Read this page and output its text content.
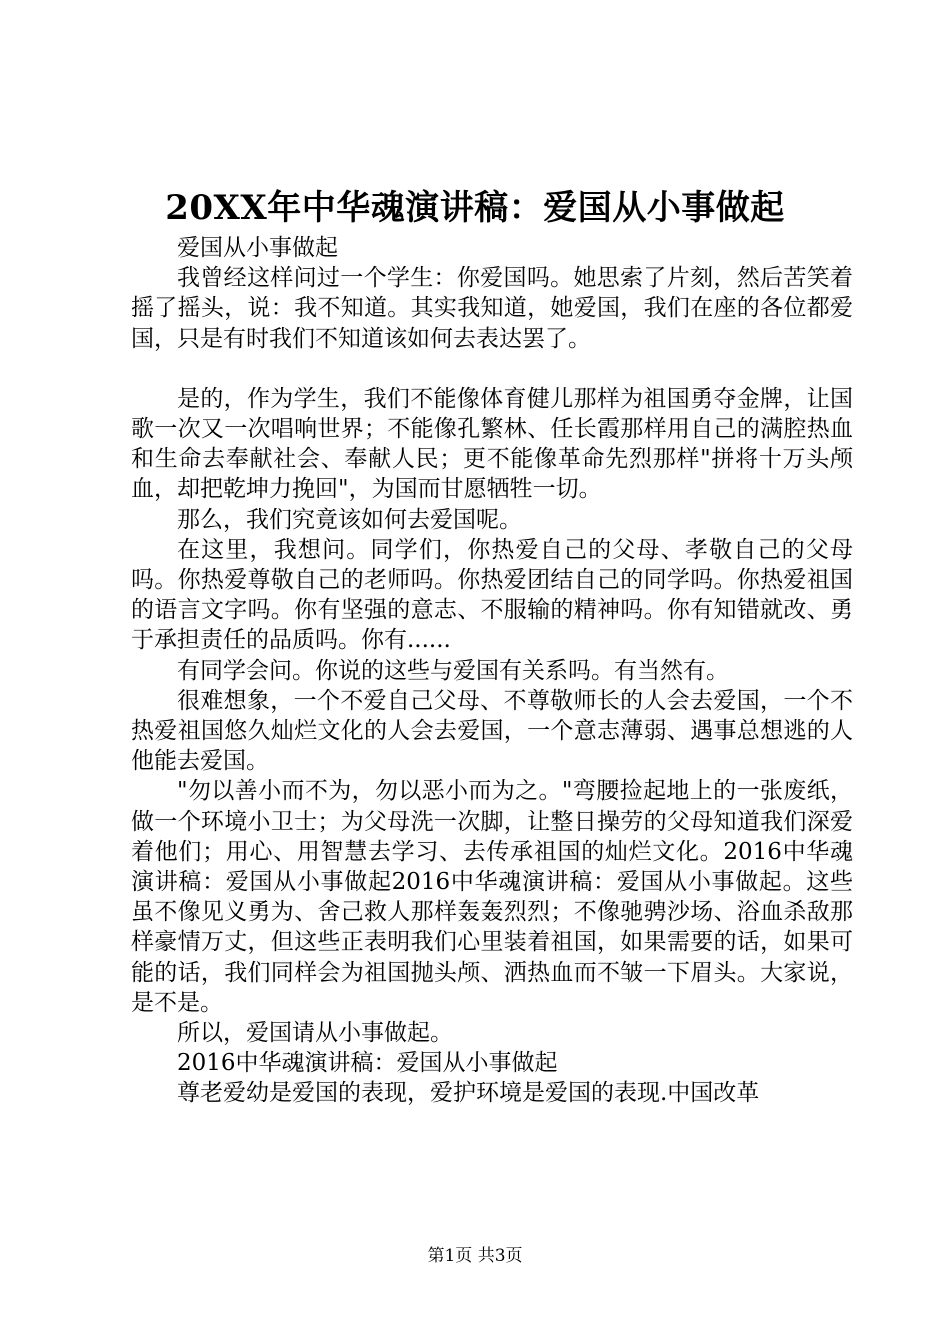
20XX年中华魂演讲稿：爱国从小事做起

爱国从小事做起

我曾经这样问过一个学生：你爱国吗。她思索了片刻，然后苦笑着摇了摇头，说：我不知道。其实我知道，她爱国，我们在座的各位都爱国，只是有时我们不知道该如何去表达罢了。

是的，作为学生，我们不能像体育健儿那样为祖国勇夺金牌，让国歌一次又一次唱响世界；不能像孔繁林、任长霞那样用自己的满腔热血和生命去奉献社会、奉献人民；更不能像革命先烈那样"拼将十万头颅血，却把乾坤力挽回"，为国而甘愿牺牲一切。

那么，我们究竟该如何去爱国呢。

在这里，我想问。同学们，你热爱自己的父母、孝敬自己的父母吗。你热爱尊敬自己的老师吗。你热爱团结自己的同学吗。你热爱祖国的语言文字吗。你有坚强的意志、不服输的精神吗。你有知错就改、勇于承担责任的品质吗。你有......

有同学会问。你说的这些与爱国有关系吗。有当然有。

很难想象，一个不爱自己父母、不尊敬师长的人会去爱国，一个不热爱祖国悠久灿烂文化的人会去爱国，一个意志薄弱、遇事总想逃的人他能去爱国。

"勿以善小而不为，勿以恶小而为之。"弯腰捡起地上的一张废纸，做一个环境小卫士；为父母洗一次脚，让整日操劳的父母知道我们深爱着他们；用心、用智慧去学习、去传承祖国的灿烂文化。2016中华魂演讲稿：爱国从小事做起2016中华魂演讲稿：爱国从小事做起。这些虽不像见义勇为、舍己救人那样轰轰烈烈；不像驰骋沙场、浴血杀敌那样豪情万丈，但这些正表明我们心里装着祖国，如果需要的话，如果可能的话，我们同样会为祖国抛头颅、洒热血而不皱一下眉头。大家说，是不是。

所以，爱国请从小事做起。

2016中华魂演讲稿：爱国从小事做起

尊老爱幼是爱国的表现，爱护环境是爱国的表现.中国改革

第1页 共3页
